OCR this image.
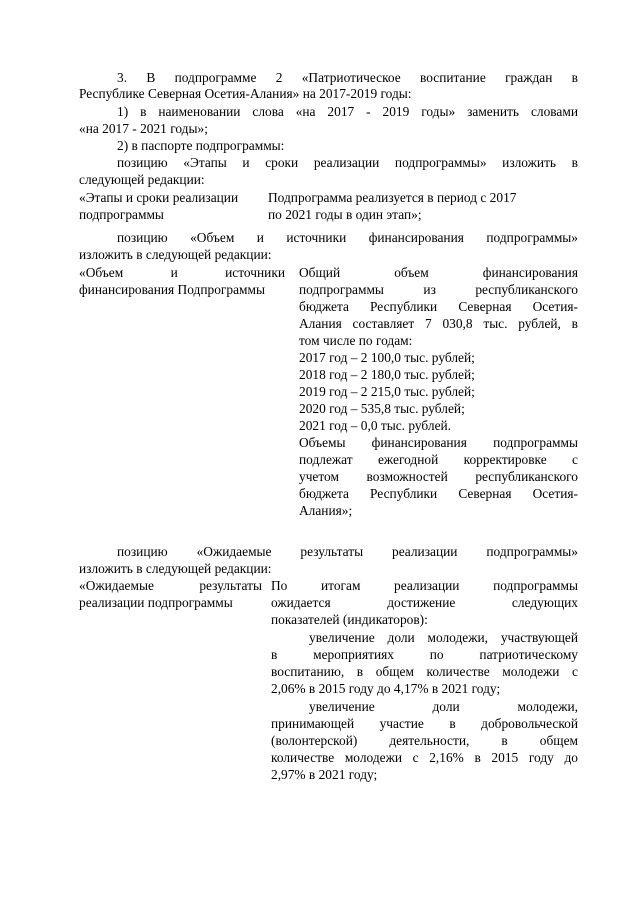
3. В подпрограмме 2 «Патриотическое воспитание граждан в
Республике Северная Осетия-Алания» на 2017-2019 годы:
1) в наименовании слова «на 2017 - 2019 годы» заменить словами
«на 2017 - 2021 годы»;
2) в паспорте подпрограммы:
позицию «Этапы и сроки реализации подпрограммы» изложить в
следующей редакции:
«Этапы и сроки реализации
подпрограммы
Подпрограмма реализуется в период с 2017
по 2021 годы в один этап»;
позицию «Объем и источники финансирования подпрограммы»
изложить в следующей редакции:
«Объем и источники
финансирования Подпрограммы
Общий объем финансирования
подпрограммы из республиканского
бюджета Республики Северная Осетия-
Алания составляет 7 030,8 тыс. рублей, в
том числе по годам:
2017 год – 2 100,0 тыс. рублей;
2018 год – 2 180,0 тыс. рублей;
2019 год – 2 215,0 тыс. рублей;
2020 год – 535,8 тыс. рублей;
2021 год – 0,0 тыс. рублей.
Объемы финансирования подпрограммы
подлежат ежегодной корректировке с
учетом возможностей республиканского
бюджета Республики Северная Осетия-
Алания»;
позицию «Ожидаемые результаты реализации подпрограммы»
изложить в следующей редакции:
«Ожидаемые результаты
реализации подпрограммы
По итогам реализации подпрограммы
ожидается достижение следующих
показателей (индикаторов):
увеличение доли молодежи, участвующей
в мероприятиях по патриотическому
воспитанию, в общем количестве молодежи с
2,06% в 2015 году до 4,17% в 2021 году;
увеличение доли молодежи,
принимающей участие в добровольческой
(волонтерской) деятельности, в общем
количестве молодежи с 2,16% в 2015 году до
2,97% в 2021 году;
